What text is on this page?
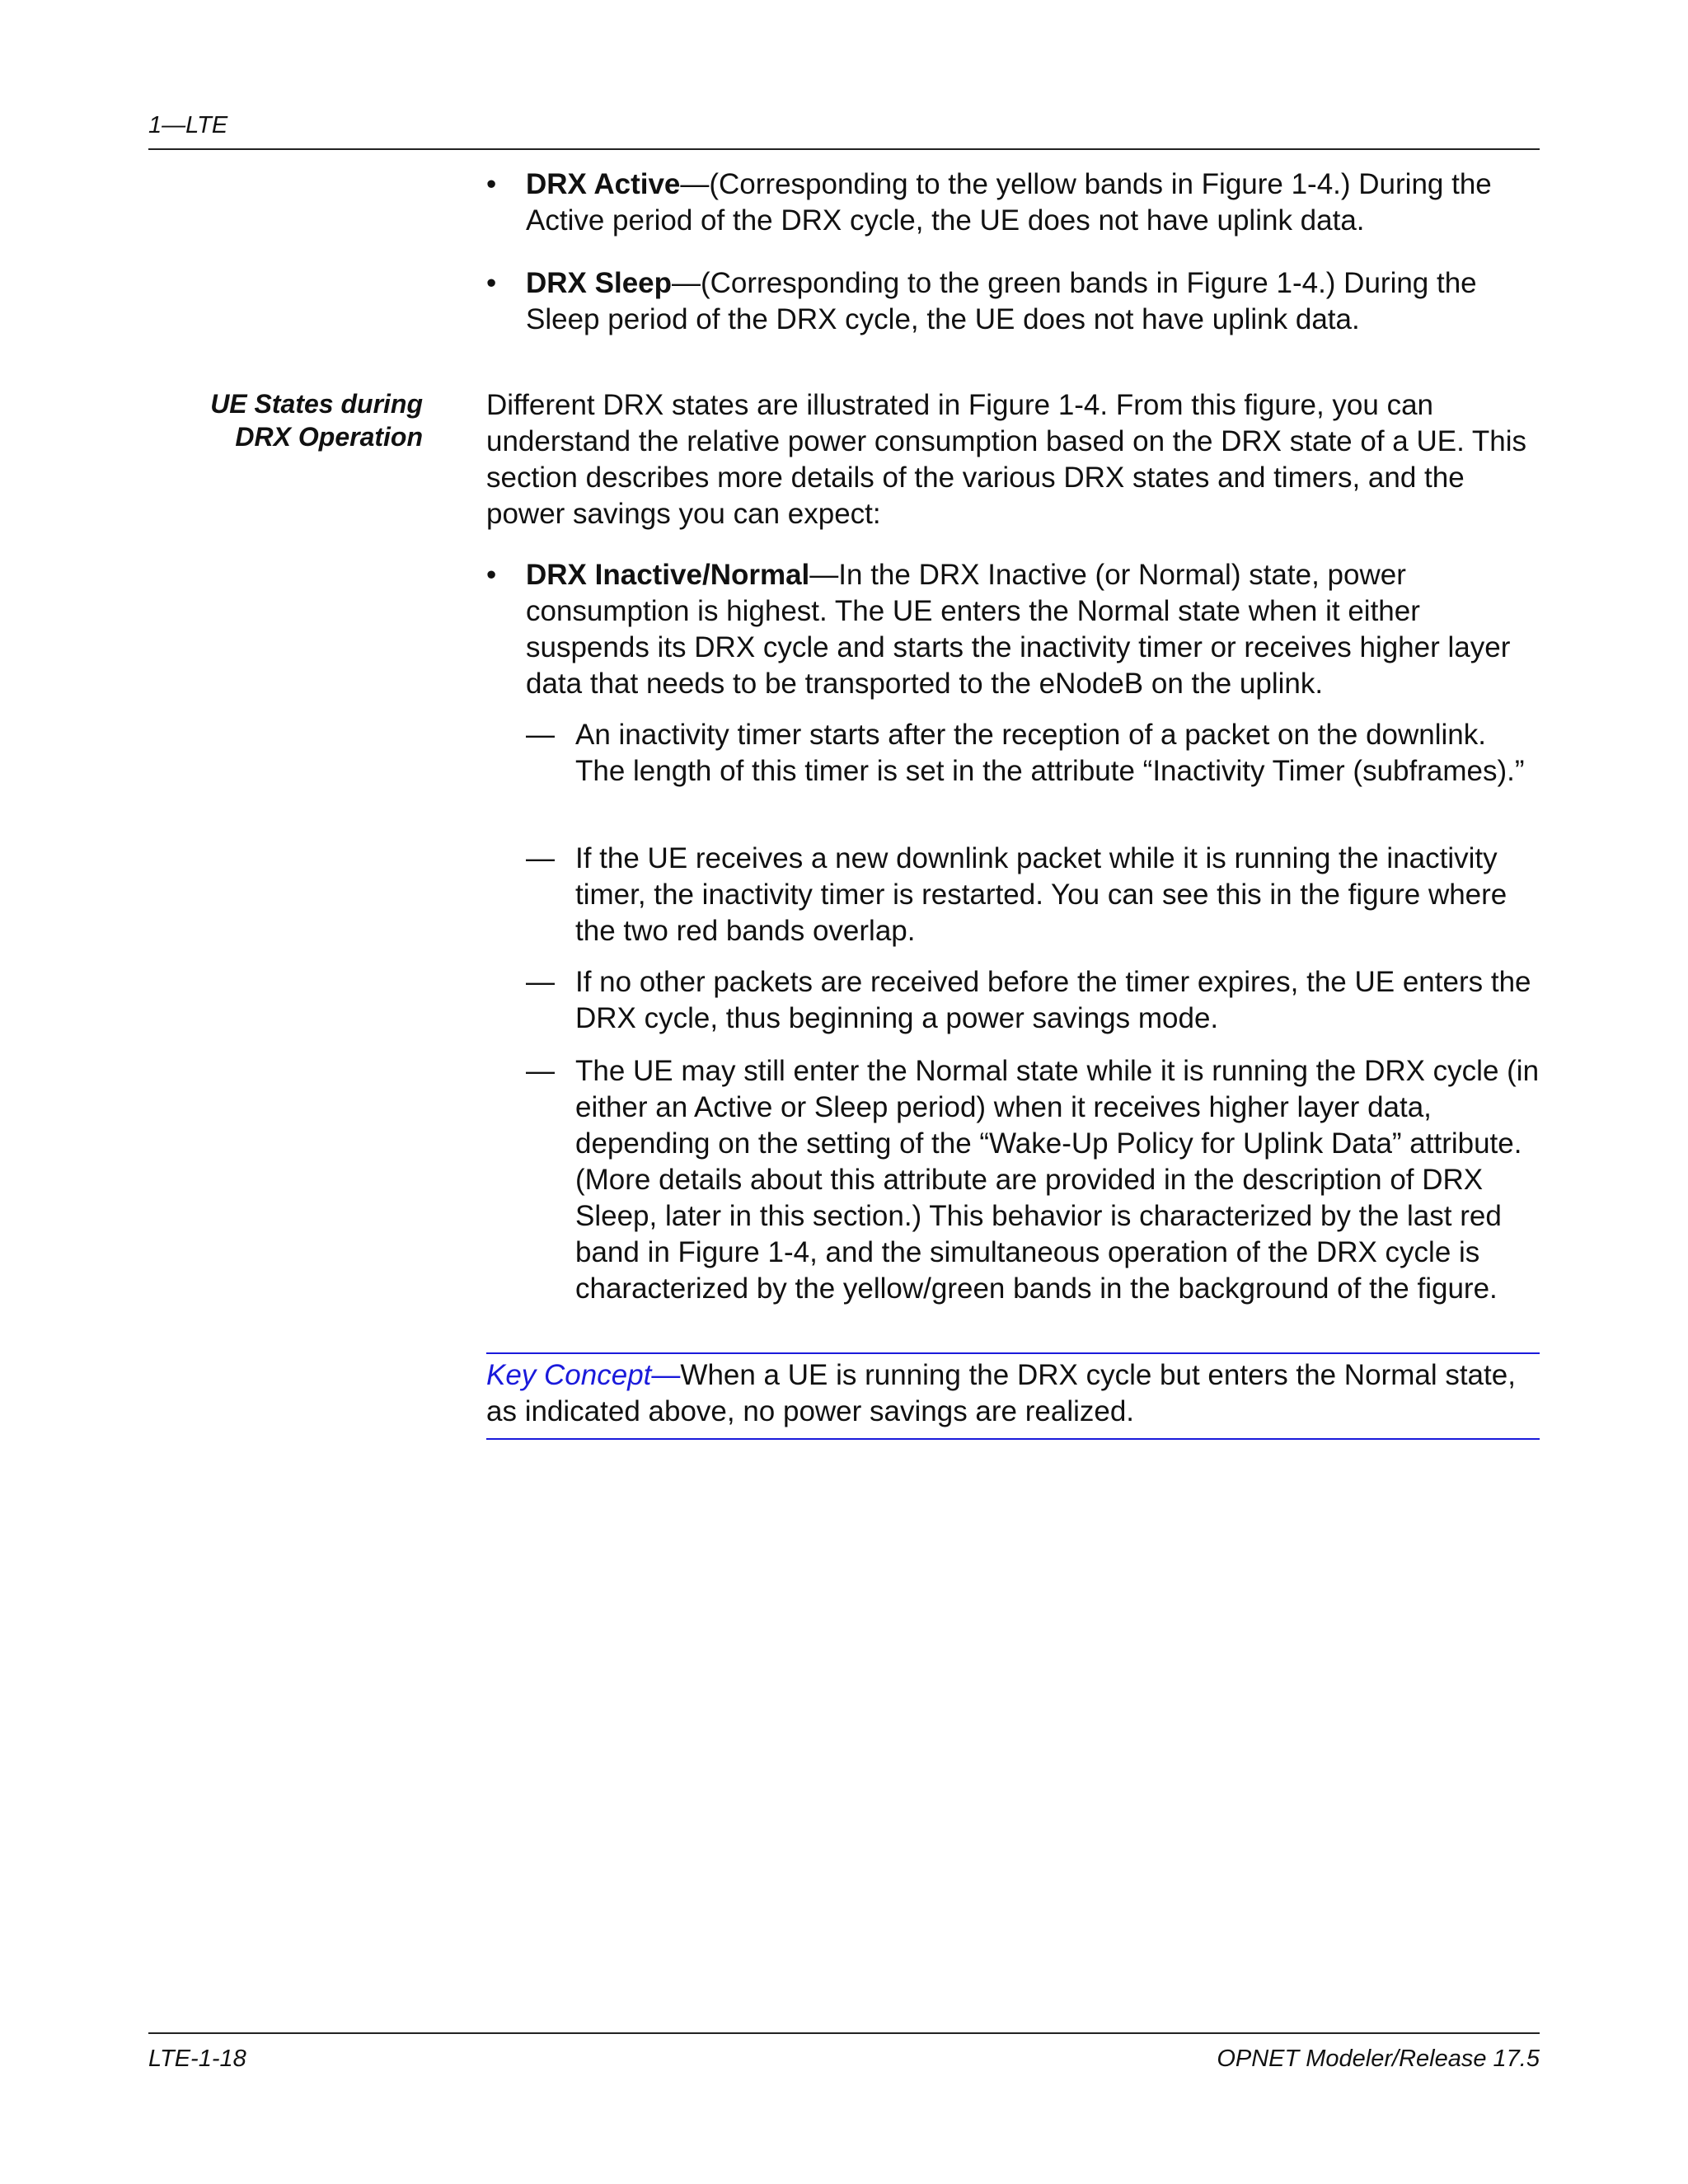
1—LTE
• DRX Active—(Corresponding to the yellow bands in Figure 1-4.) During the Active period of the DRX cycle, the UE does not have uplink data.
• DRX Sleep—(Corresponding to the green bands in Figure 1-4.) During the Sleep period of the DRX cycle, the UE does not have uplink data.
UE States during
DRX Operation
Different DRX states are illustrated in Figure 1-4. From this figure, you can understand the relative power consumption based on the DRX state of a UE. This section describes more details of the various DRX states and timers, and the power savings you can expect:
• DRX Inactive/Normal—In the DRX Inactive (or Normal) state, power consumption is highest. The UE enters the Normal state when it either suspends its DRX cycle and starts the inactivity timer or receives higher layer data that needs to be transported to the eNodeB on the uplink.
— An inactivity timer starts after the reception of a packet on the downlink. The length of this timer is set in the attribute “Inactivity Timer (subframes).”
— If the UE receives a new downlink packet while it is running the inactivity timer, the inactivity timer is restarted. You can see this in the figure where the two red bands overlap.
— If no other packets are received before the timer expires, the UE enters the DRX cycle, thus beginning a power savings mode.
— The UE may still enter the Normal state while it is running the DRX cycle (in either an Active or Sleep period) when it receives higher layer data, depending on the setting of the “Wake-Up Policy for Uplink Data” attribute. (More details about this attribute are provided in the description of DRX Sleep, later in this section.) This behavior is characterized by the last red band in Figure 1-4, and the simultaneous operation of the DRX cycle is characterized by the yellow/green bands in the background of the figure.
Key Concept—When a UE is running the DRX cycle but enters the Normal state, as indicated above, no power savings are realized.
LTE-1-18	OPNET Modeler/Release 17.5
